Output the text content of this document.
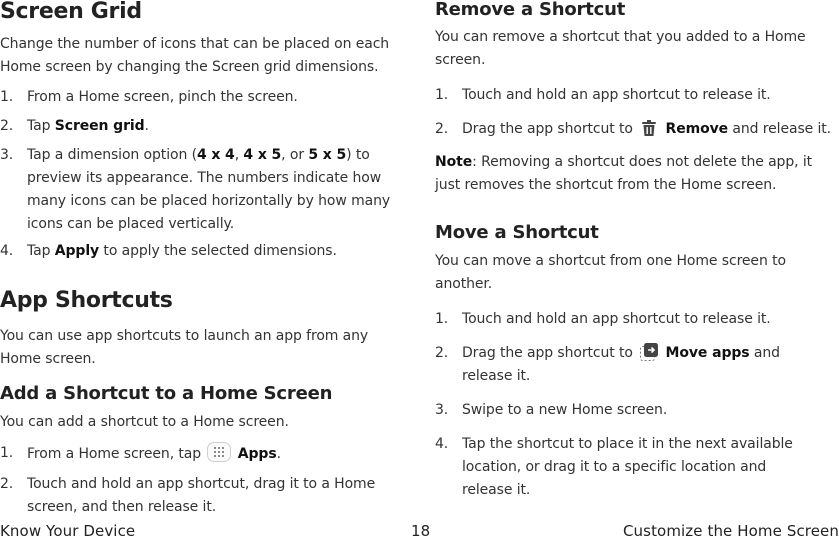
Screen Grid
Change the number of icons that can be placed on each
Home screen by changing the Screen grid dimensions.
1. From a Home screen, pinch the screen.
2. Tap Screen grid.
3. Tap a dimension option (4 x 4, 4 x 5, or 5 x 5) to
preview its appearance. The numbers indicate how
many icons can be placed horizontally by how many
icons can be placed vertically.
4. Tap Apply to apply the selected dimensions.
App Shortcuts
You can use app shortcuts to launch an app from any
Home screen.
Add a Shortcut to a Home Screen
You can add a shortcut to a Home screen.
1. From a Home screen, tap
Apps.
2. Touch and hold an app shortcut, drag it to a Home
screen, and then release it.
Remove a Shortcut
You can remove a shortcut that you added to a Home
screen.
1. Touch and hold an app shortcut to release it.
2. Drag the app shortcut to  Remove and release it.
Note: Removing a shortcut does not delete the app, it
just removes the shortcut from the Home screen.
Move a Shortcut
You can move a shortcut from one Home screen to
another.
1. Touch and hold an app shortcut to release it.
2. Drag the app shortcut to  Move apps and
release it.
3. Swipe to a new Home screen.
4. Tap the shortcut to place it in the next available
location, or drag it to a specific location and
release it.
Know Your Device	18	Customize the Home Screen
